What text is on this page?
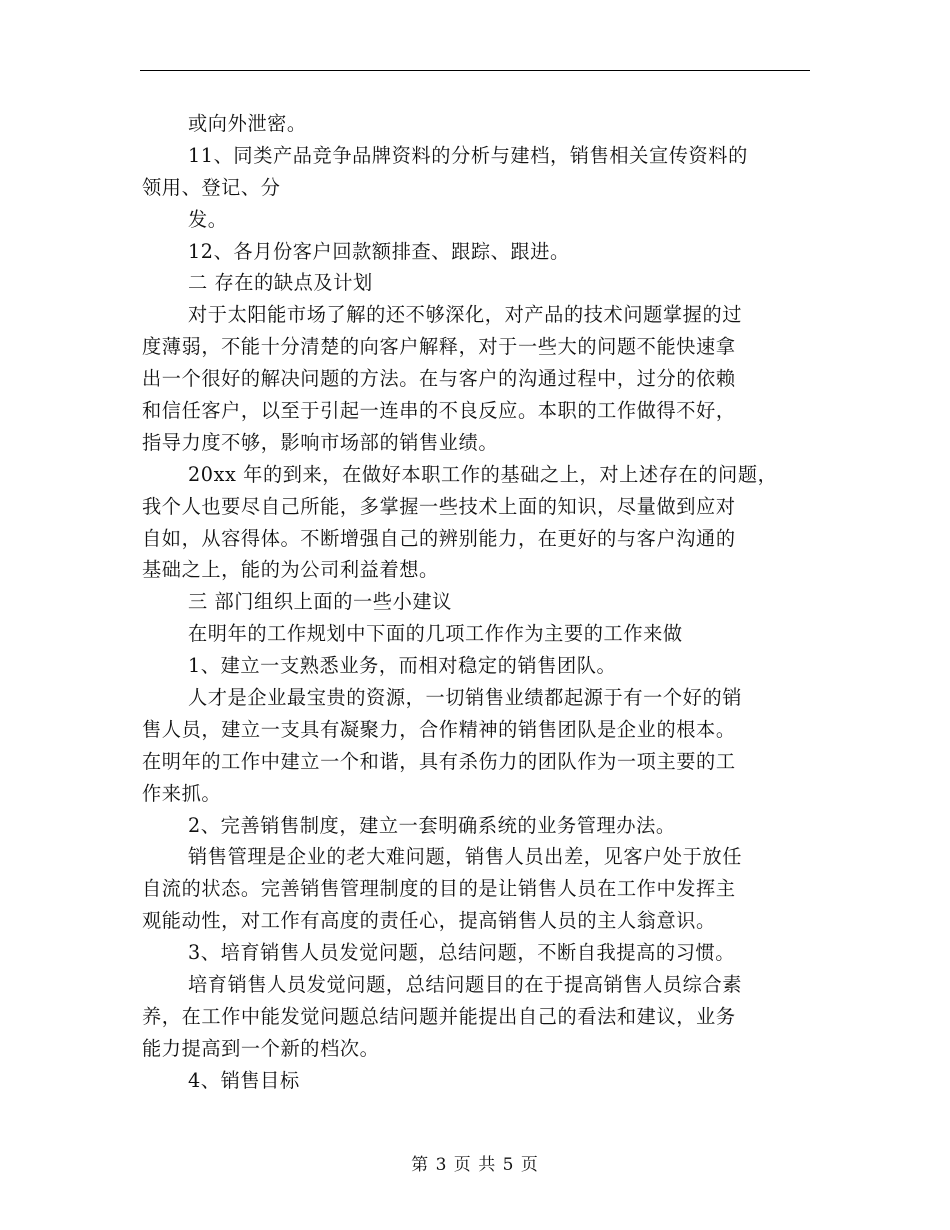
或向外泄密。
11、同类产品竞争品牌资料的分析与建档，销售相关宣传资料的
领用、登记、分
发。
12、各月份客户回款额排查、跟踪、跟进。
二 存在的缺点及计划
对于太阳能市场了解的还不够深化，对产品的技术问题掌握的过
度薄弱，不能十分清楚的向客户解释，对于一些大的问题不能快速拿
出一个很好的解决问题的方法。在与客户的沟通过程中，过分的依赖
和信任客户，以至于引起一连串的不良反应。本职的工作做得不好，
指导力度不够，影响市场部的销售业绩。
20xx 年的到来，在做好本职工作的基础之上，对上述存在的问题，
我个人也要尽自己所能，多掌握一些技术上面的知识，尽量做到应对
自如，从容得体。不断增强自己的辨别能力，在更好的与客户沟通的
基础之上，能的为公司利益着想。
三 部门组织上面的一些小建议
在明年的工作规划中下面的几项工作作为主要的工作来做
1、建立一支熟悉业务，而相对稳定的销售团队。
人才是企业最宝贵的资源，一切销售业绩都起源于有一个好的销
售人员，建立一支具有凝聚力，合作精神的销售团队是企业的根本。
在明年的工作中建立一个和谐，具有杀伤力的团队作为一项主要的工
作来抓。
2、完善销售制度，建立一套明确系统的业务管理办法。
销售管理是企业的老大难问题，销售人员出差，见客户处于放任
自流的状态。完善销售管理制度的目的是让销售人员在工作中发挥主
观能动性，对工作有高度的责任心，提高销售人员的主人翁意识。
3、培育销售人员发觉问题，总结问题，不断自我提高的习惯。
培育销售人员发觉问题，总结问题目的在于提高销售人员综合素
养，在工作中能发觉问题总结问题并能提出自己的看法和建议，业务
能力提高到一个新的档次。
4、销售目标
第 3 页 共 5 页
